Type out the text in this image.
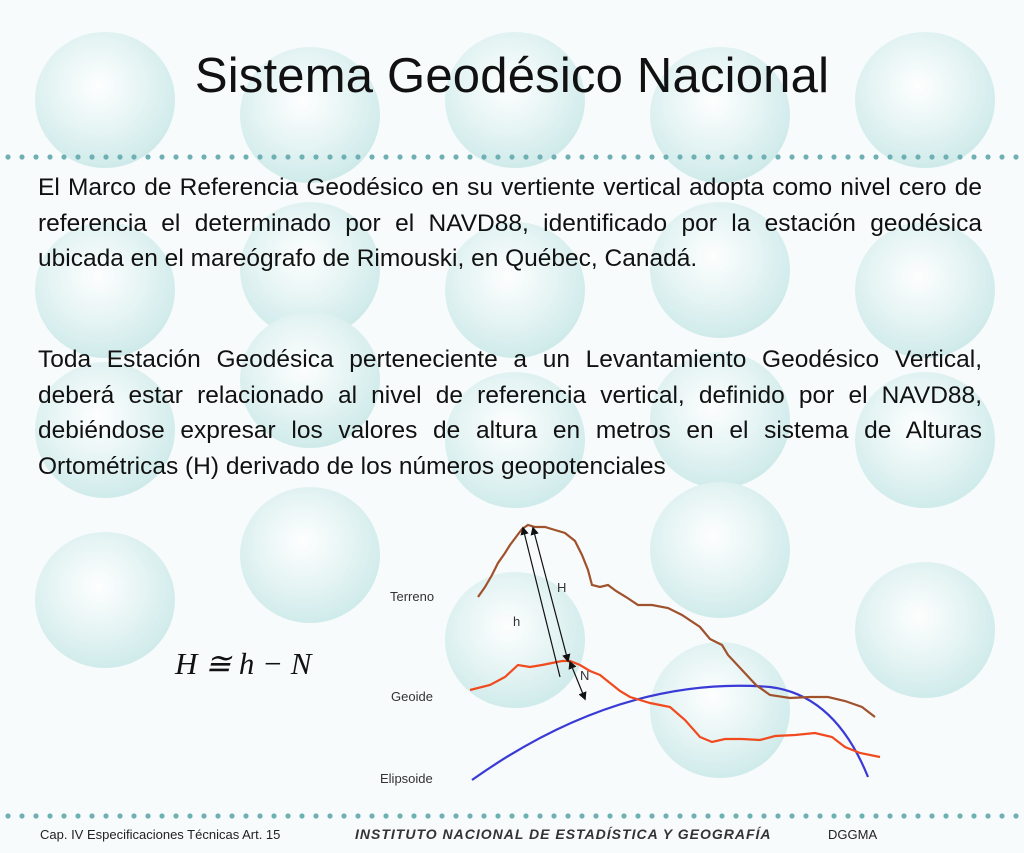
Sistema Geodésico Nacional
El Marco de Referencia Geodésico en su vertiente vertical adopta como nivel cero de referencia el determinado por el NAVD88, identificado por la estación geodésica ubicada en el mareógrafo de Rimouski, en Québec, Canadá.
Toda Estación Geodésica perteneciente a un Levantamiento Geodésico Vertical, deberá estar relacionado al nivel de referencia vertical, definido por el NAVD88, debiéndose expresar los valores de altura en metros en el sistema de Alturas Ortométricas (H) derivado de los números geopotenciales
H ≅ h − N
Terreno
Geoide
Elipsoide
H
h
N
Cap. IV Especificaciones Técnicas Art. 15	INSTITUTO NACIONAL DE ESTADÍSTICA Y GEOGRAFÍA	DGGMA
